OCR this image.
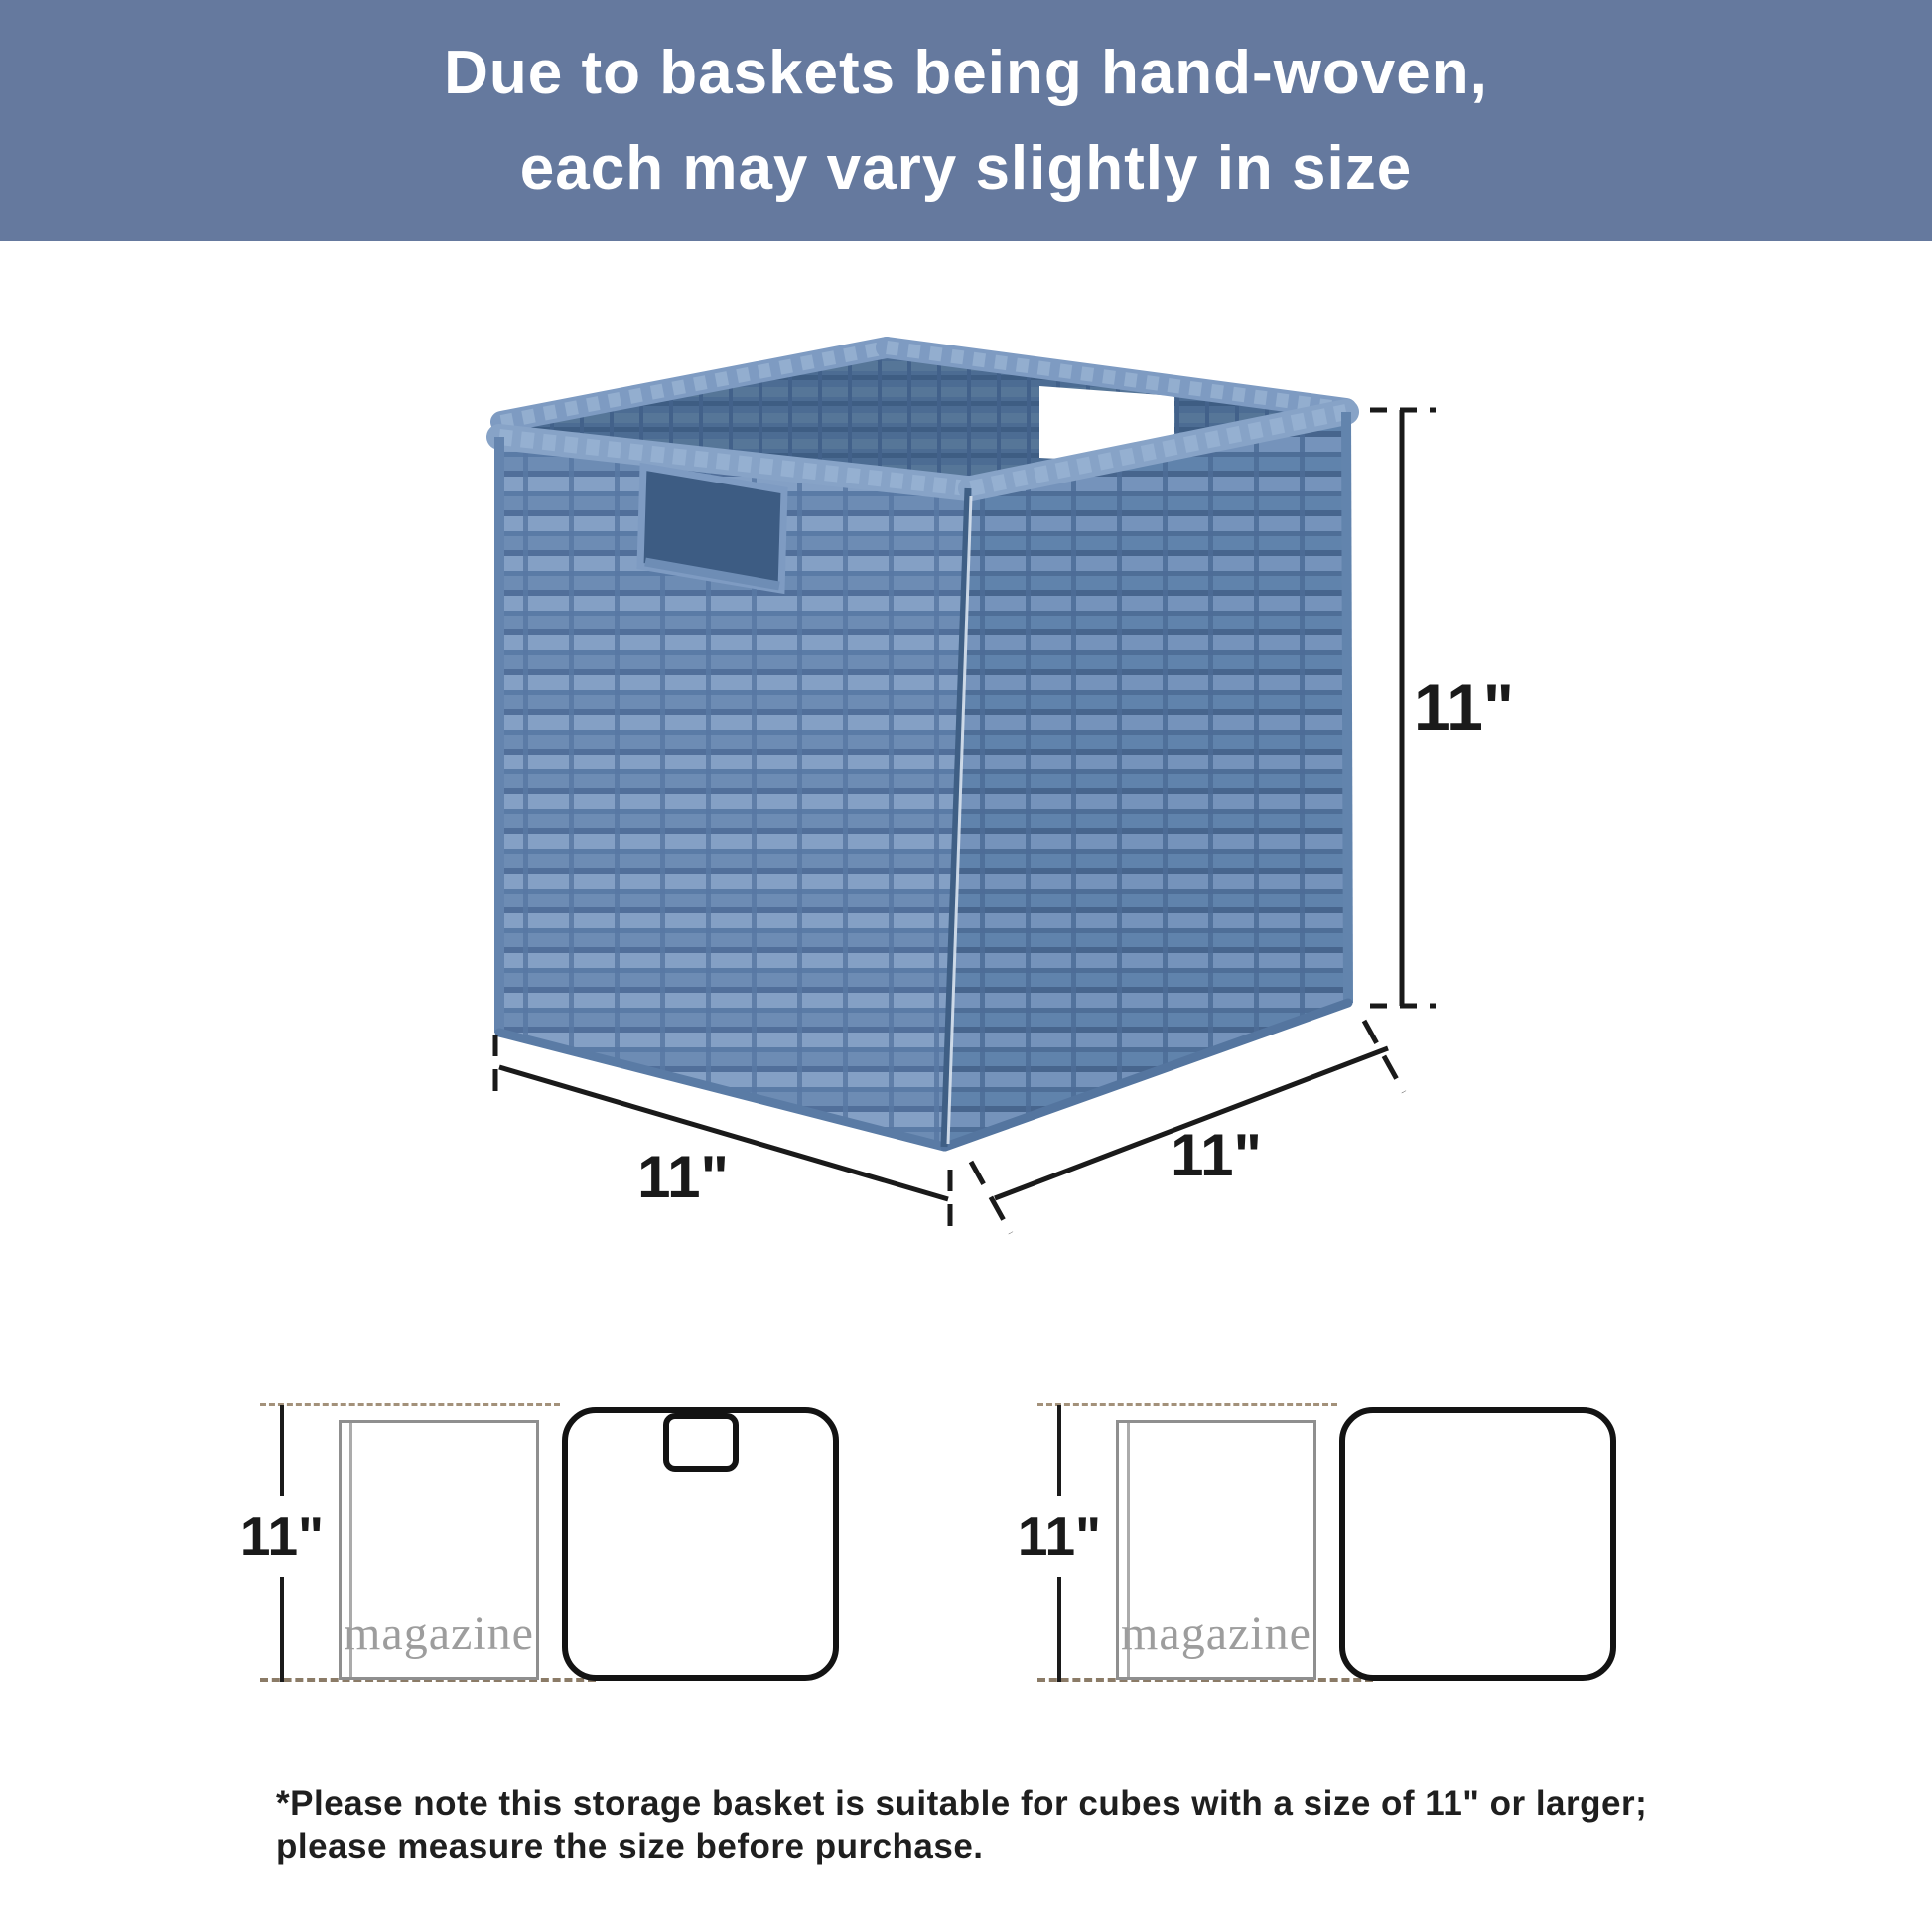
Due to baskets being hand-woven,
each may vary slightly in size
11"
11"	11"
11"
magazine
11"
magazine
*Please note this storage basket is suitable for cubes with a size of 11" or larger;
please measure the size before purchase.
